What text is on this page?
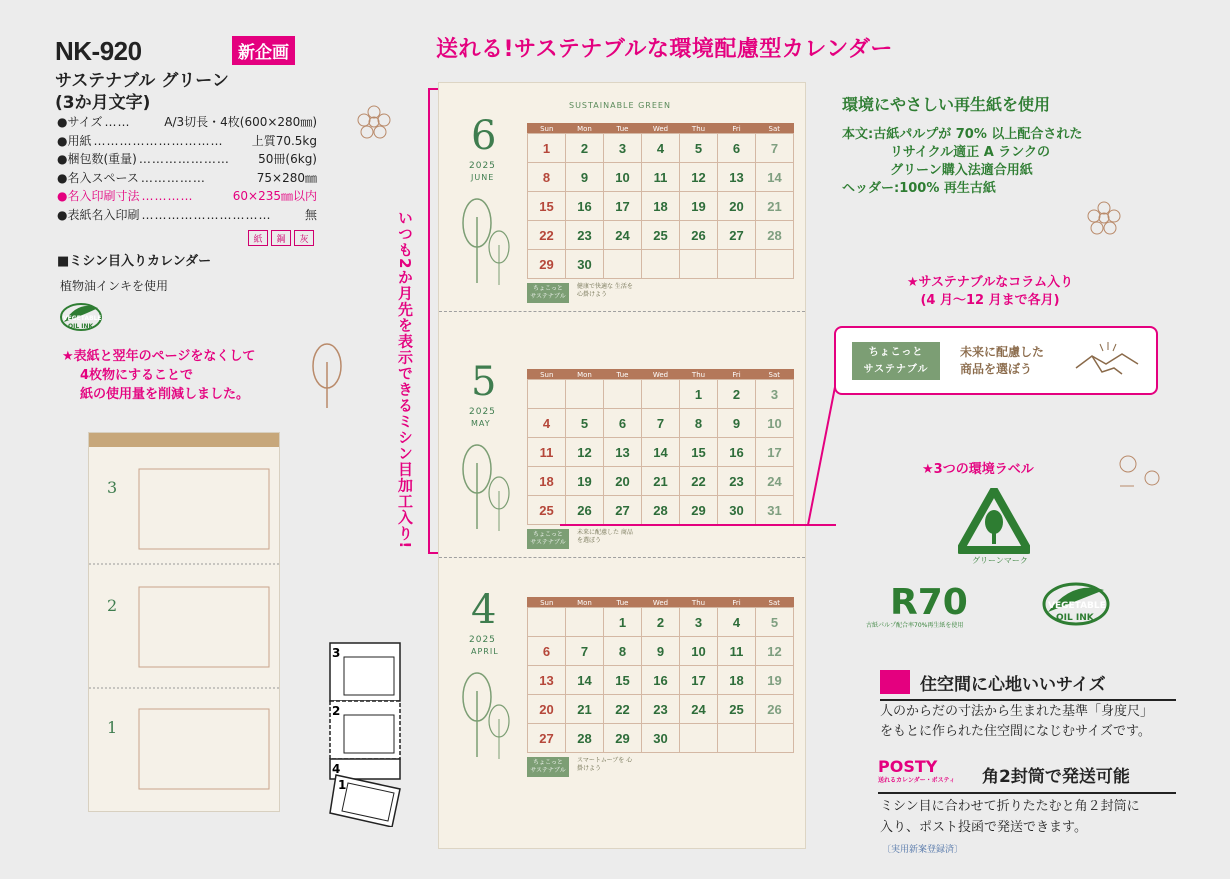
NK-920	新企画
サステナブル グリーン
(3か月文字)
● サイズ ……	A/3切長・4枚(600×280㎜)
● 用紙 …………………………	上質70.5kg
● 梱包数(重量) …………………	50冊(6kg)
● 名入スペース ……………	75×280㎜
● 名入印刷寸法 …………	60×235㎜以内
● 表紙名入印刷 …………………………	無
紙	鋼	灰
■ミシン目入りカレンダー
植物油インキを使用
VEGETABLE
OIL INK
★表紙と翌年のページをなくして
4枚物にすることで
紙の使用量を削減しました。
3
2
1
3
2
4
1
送れる!サステナブルな環境配慮型カレンダー
いつも2か月先を表示できるミシン目加工入り!
SUSTAINABLE GREEN
6
2025
JUNE
Sun	Mon	Tue	Wed	Thu	Fri	Sat
1	2	3	4	5	6	7
8	9	10	11	12	13	14
15	16	17	18	19	20	21
22	23	24	25	26	27	28
29	30					
ちょこっと サステナブル
健康で快適な 生活を 心掛けよう
5
2025
MAY
Sun	Mon	Tue	Wed	Thu	Fri	Sat
				1	2	3
4	5	6	7	8	9	10
11	12	13	14	15	16	17
18	19	20	21	22	23	24
25	26	27	28	29	30	31
ちょこっと サステナブル
未来に配慮した 商品を選ぼう
4
2025
APRIL
Sun	Mon	Tue	Wed	Thu	Fri	Sat
		1	2	3	4	5
6	7	8	9	10	11	12
13	14	15	16	17	18	19
20	21	22	23	24	25	26
27	28	29	30			
ちょこっと サステナブル
スマートムーブを 心掛けよう
環境にやさしい再生紙を使用
本文:古紙パルプが 70% 以上配合された
リサイクル適正 A ランクの
グリーン購入法適合用紙
ヘッダー:100% 再生古紙
★サステナブルなコラム入り
(4 月～12 月まで各月)
ちょこっと
サステナブル
未来に配慮した
商品を選ぼう
★3つの環境ラベル
グリーンマーク
R70
古紙パルプ配合率70%再生紙を使用
VEGETABLE
OIL INK
住空間に心地いいサイズ
人のからだの寸法から生まれた基準「身度尺」
をもとに作られた住空間になじむサイズです。
POSTY
送れるカレンダー・ポスティ	角2封筒で発送可能
ミシン目に合わせて折りたたむと角２封筒に
入り、ポスト投函で発送できます。
〔実用新案登録済〕
